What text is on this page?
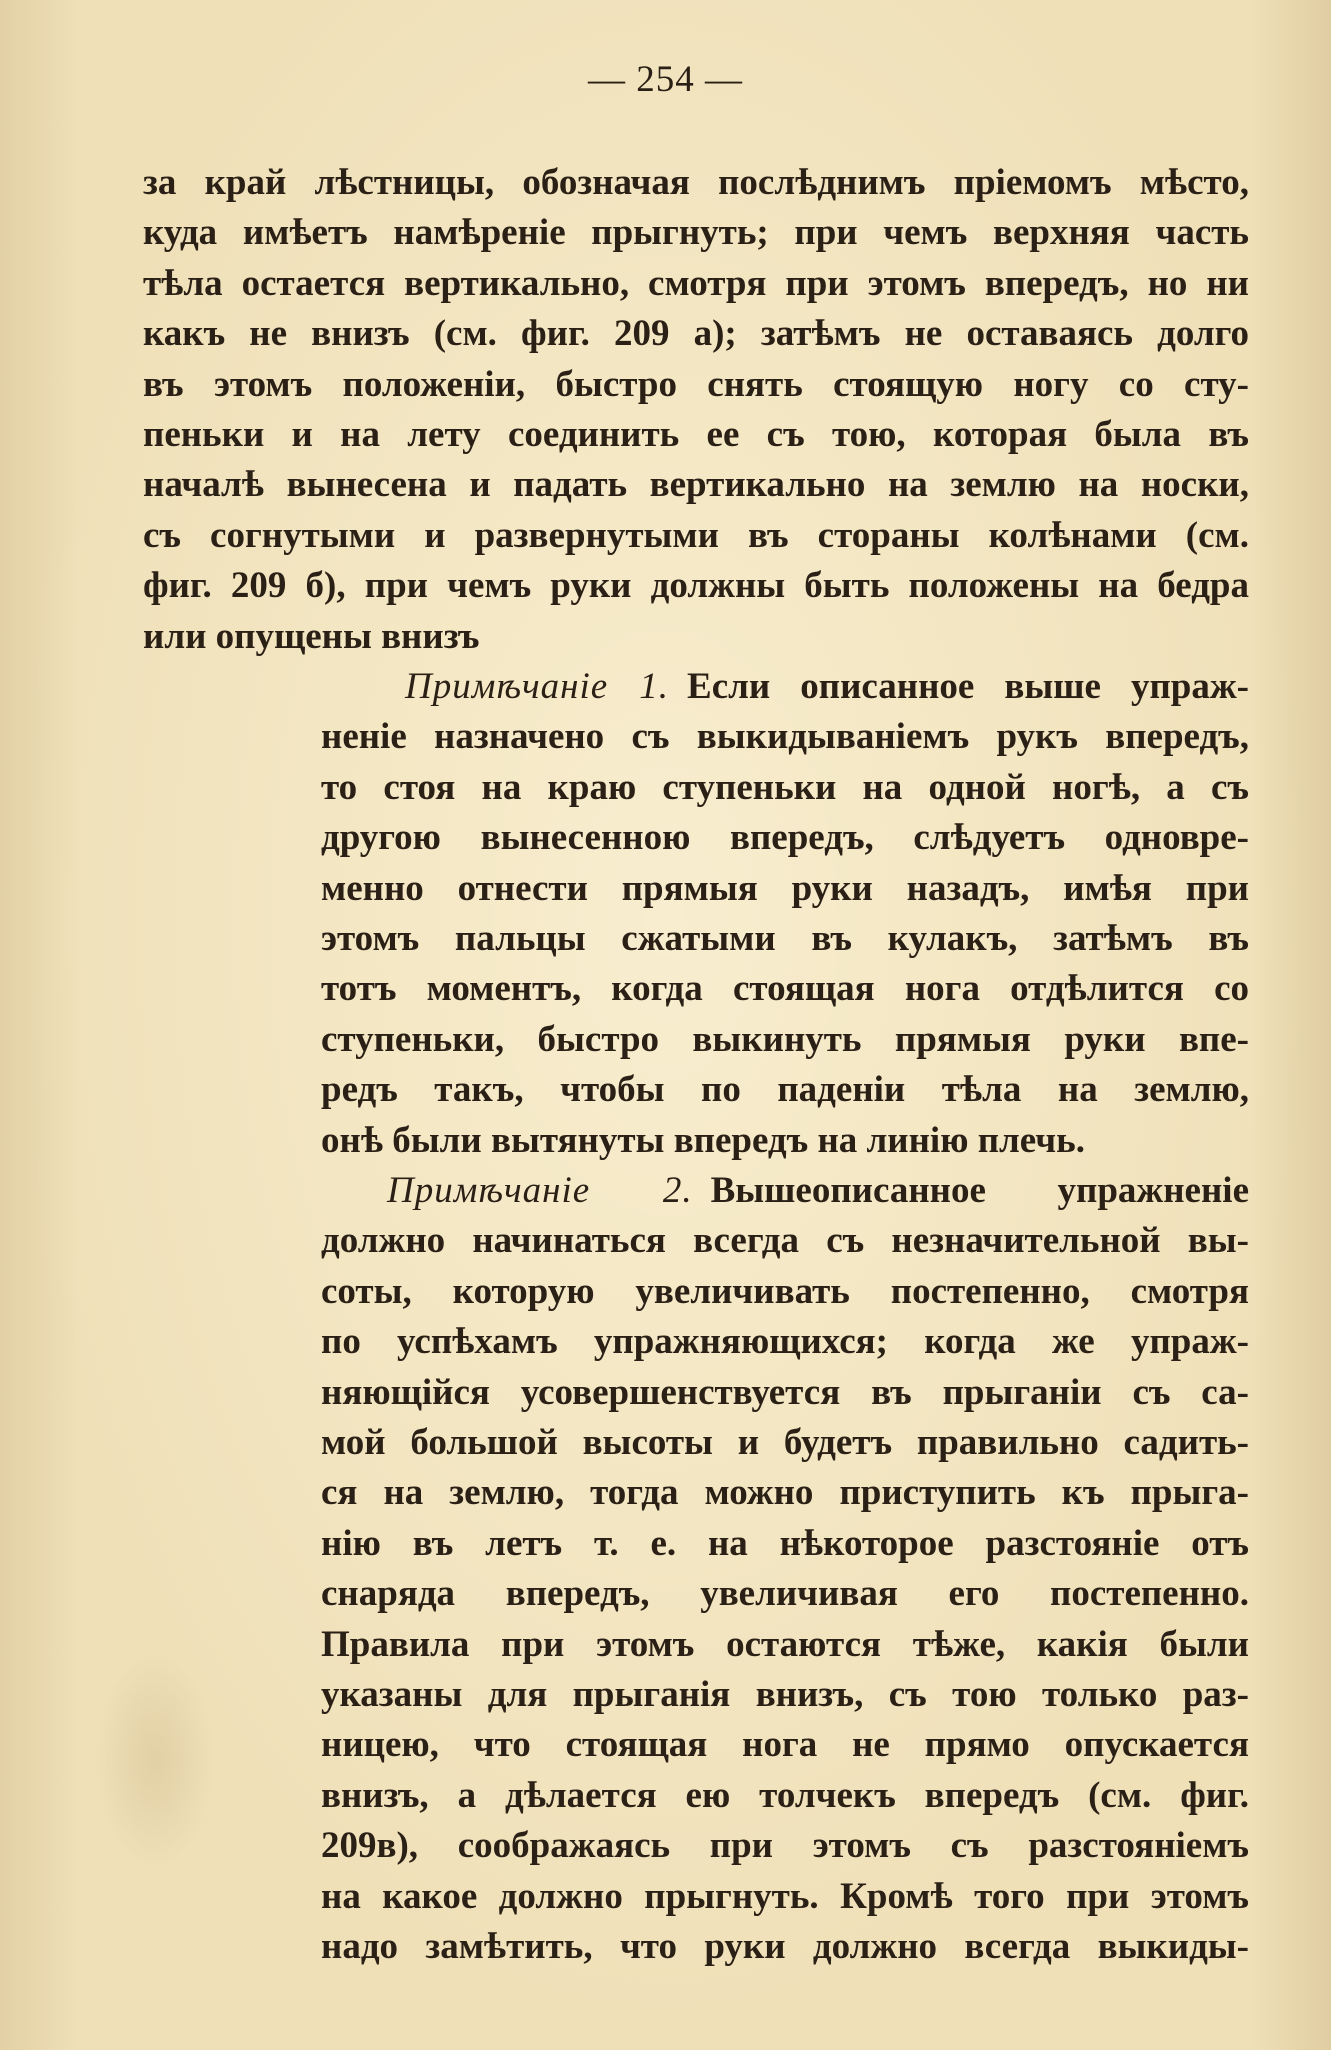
— 254 —
за край лѣстницы, обозначая послѣднимъ пріемомъ мѣсто,
куда имѣетъ намѣреніе прыгнуть; при чемъ верхняя часть
тѣла остается вертикально, смотря при этомъ впередъ, но ни
какъ не внизъ (см. фиг. 209 а); затѣмъ не оставаясь долго
въ этомъ положеніи, быстро снять стоящую ногу со сту-
пеньки и на лету соединить ее съ тою, которая была въ
началѣ вынесена и падать вертикально на землю на носки,
съ согнутыми и развернутыми въ стораны колѣнами (см.
фиг. 209 б), при чемъ руки должны быть положены на бедра
или опущены внизъ
Примѣчаніе 1. Если описанное выше упраж-
неніе назначено съ выкидываніемъ рукъ впередъ,
то стоя на краю ступеньки на одной ногѣ, а съ
другою вынесенною впередъ, слѣдуетъ одновре-
менно отнести прямыя руки назадъ, имѣя при
этомъ пальцы сжатыми въ кулакъ, затѣмъ въ
тотъ моментъ, когда стоящая нога отдѣлится со
ступеньки, быстро выкинуть прямыя руки впе-
редъ такъ, чтобы по паденіи тѣла на землю,
онѣ были вытянуты впередъ на линію плечь.
Примѣчаніе 2. Вышеописанное упражненіе
должно начинаться всегда съ незначительной вы-
соты, которую увеличивать постепенно, смотря
по успѣхамъ упражняющихся; когда же упраж-
няющійся усовершенствуется въ прыганіи съ са-
мой большой высоты и будетъ правильно садить-
ся на землю, тогда можно приступить къ прыга-
нію въ летъ т. е. на нѣкоторое разстояніе отъ
снаряда впередъ, увеличивая его постепенно.
Правила при этомъ остаются тѣже, какія были
указаны для прыганія внизъ, съ тою только раз-
ницею, что стоящая нога не прямо опускается
внизъ, а дѣлается ею толчекъ впередъ (см. фиг.
209в), соображаясь при этомъ съ разстояніемъ
на какое должно прыгнуть. Кромѣ того при этомъ
надо замѣтить, что руки должно всегда выкиды-
